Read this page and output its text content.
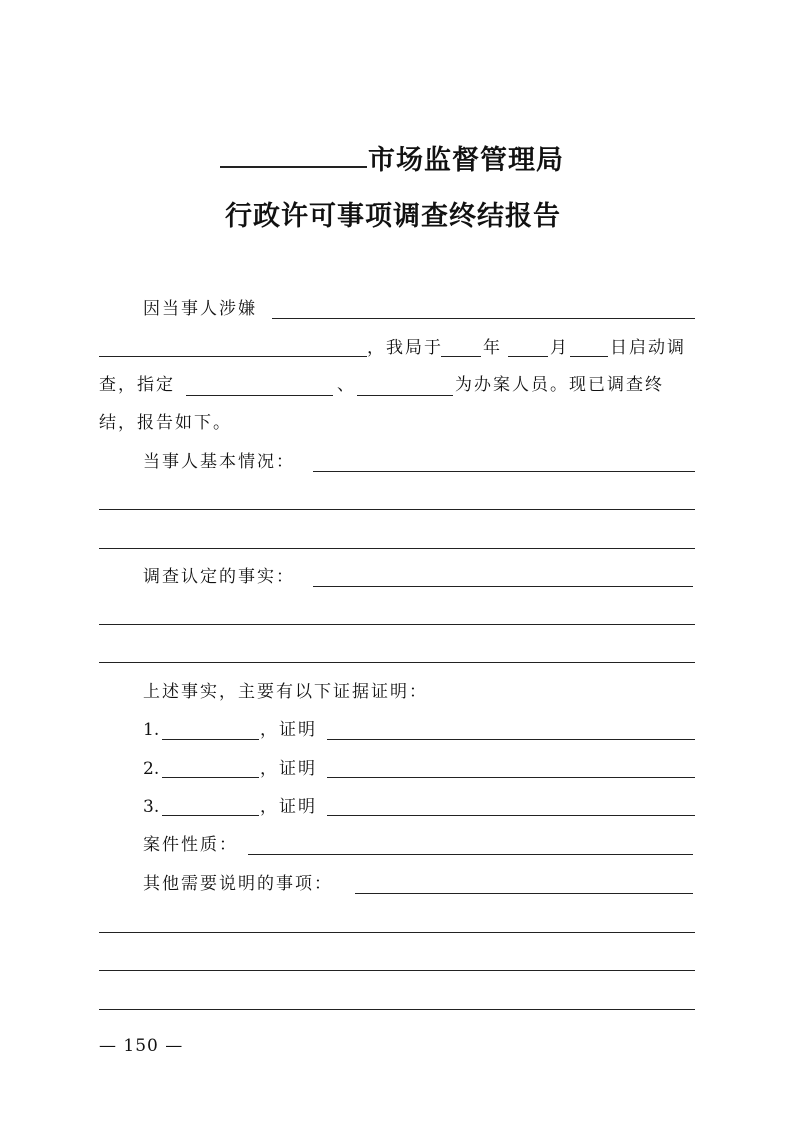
市场监督管理局
行政许可事项调查终结报告
因当事人涉嫌
，我局于 年	月 日启动调
查，指定	、	为办案人员。现已调查终
结，报告如下。
当事人基本情况：
调查认定的事实：
上述事实，主要有以下证据证明：
1.	，证明
2.	，证明
3.	，证明
案件性质：
其他需要说明的事项：
— 150 —
